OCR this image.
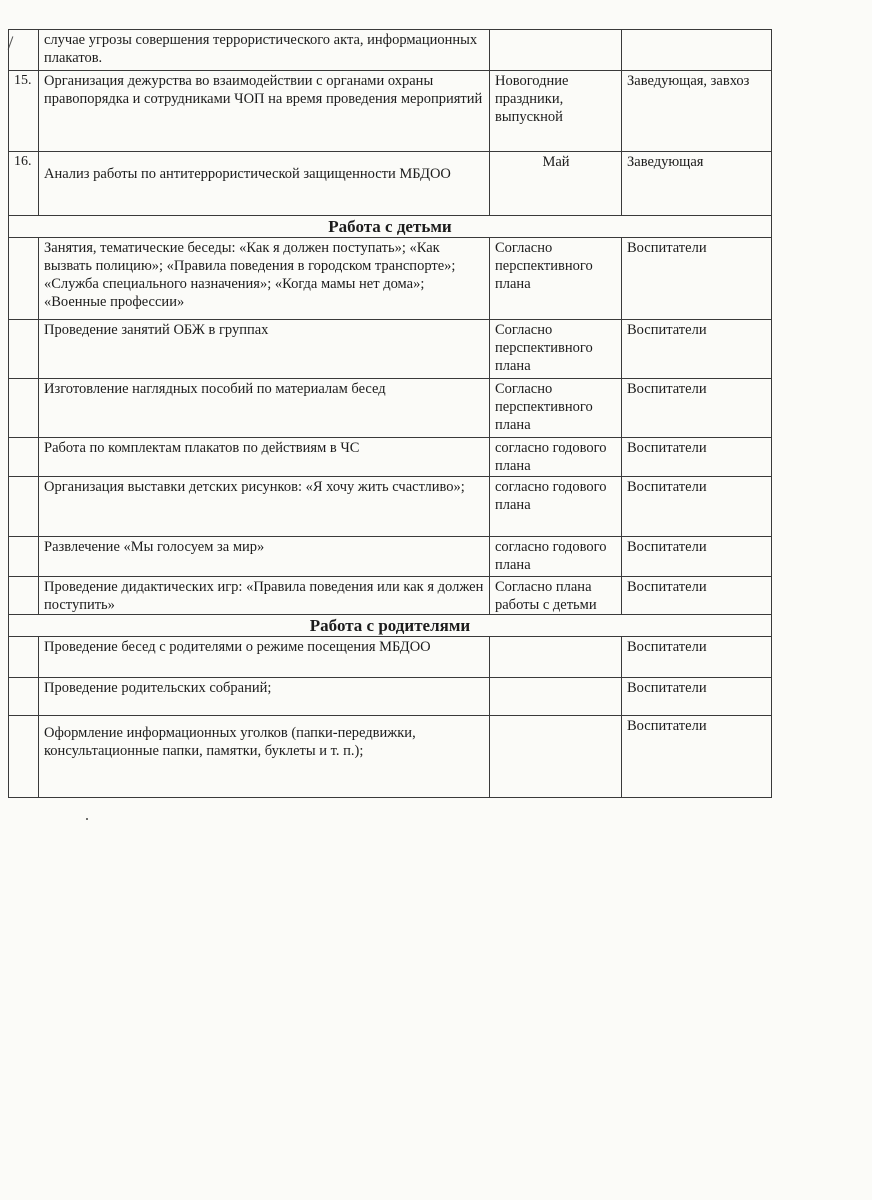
	случае угрозы совершения террористического акта, информационных плакатов.		
15.	Организация дежурства во взаимодействии с органами охраны правопорядка и сотрудниками ЧОП на время проведения мероприятий	Новогодние праздники, выпускной	Заведующая, завхоз
16.	Анализ работы по антитеррористической защищенности МБДОО	Май	Заведующая
Работа с детьми			
	Занятия, тематические беседы: «Как я должен поступать»; «Как вызвать полицию»; «Правила поведения в городском транспорте»; «Служба специального назначения»; «Когда мамы нет дома»; «Военные профессии»	Согласно перспективного плана	Воспитатели
	Проведение занятий ОБЖ в группах	Согласно перспективного плана	Воспитатели
	Изготовление наглядных пособий по материалам бесед	Согласно перспективного плана	Воспитатели
	Работа по комплектам плакатов по действиям в ЧС	согласно годового плана	Воспитатели
	Организация выставки детских рисунков: «Я хочу жить счастливо»;	согласно годового плана	Воспитатели
	Развлечение «Мы голосуем за мир»	согласно годового плана	Воспитатели
	Проведение дидактических игр: «Правила поведения или как я должен поступить»	Согласно плана работы с детьми	Воспитатели
Работа с родителями			
	Проведение бесед с родителями о режиме посещения МБДОО		Воспитатели
	Проведение родительских собраний;		Воспитатели
	Оформление информационных уголков (папки-передвижки, консультационные папки, памятки, буклеты и т. п.);		Воспитатели
